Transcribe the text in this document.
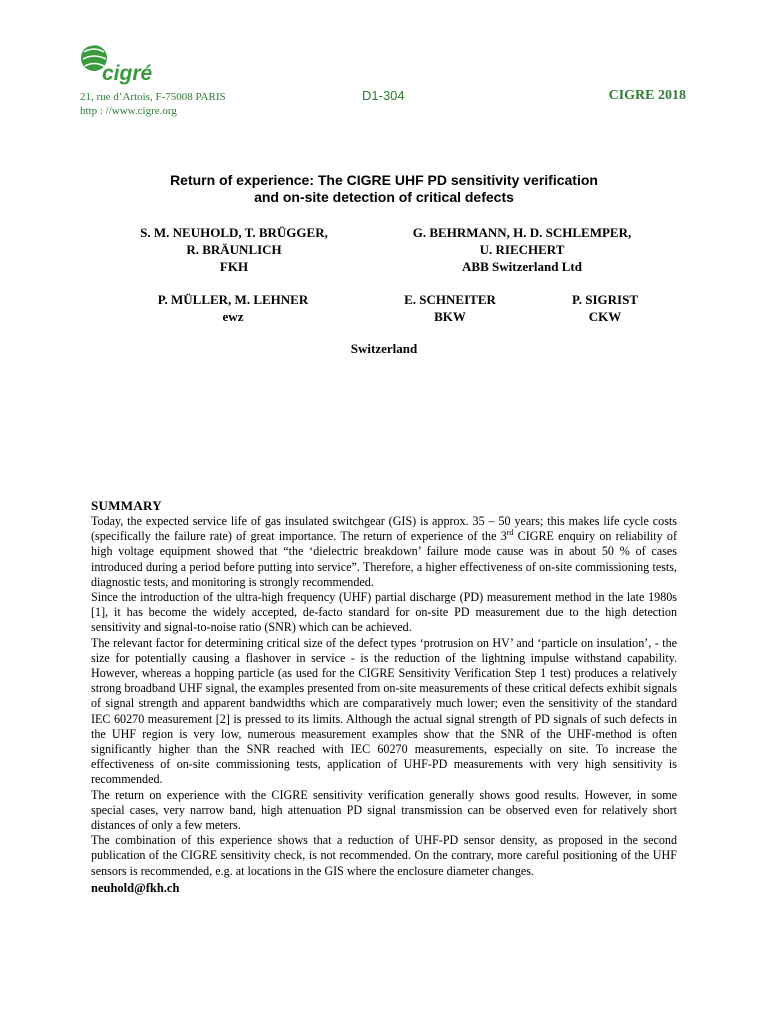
cigré
21, rue d’Artois, F-75008 PARIS
http : //www.cigre.org
D1-304	CIGRE 2018
Return of experience: The CIGRE UHF PD sensitivity verification
and on-site detection of critical defects
S. M. NEUHOLD, T. BRÜGGER,
R. BRÄUNLICH
FKH
G. BEHRMANN, H. D. SCHLEMPER,
U. RIECHERT
ABB Switzerland Ltd
P. MÜLLER, M. LEHNER
ewz
E. SCHNEITER
BKW
P. SIGRIST
CKW
Switzerland
SUMMARY

Today, the expected service life of gas insulated switchgear (GIS) is approx. 35 – 50 years; this makes life cycle costs (specifically the failure rate) of great importance. The return of experience of the 3rd CIGRE enquiry on reliability of high voltage equipment showed that “the ‘dielectric breakdown’ failure mode cause was in about 50 % of cases introduced during a period before putting into service”. Therefore, a higher effectiveness of on-site commissioning tests, diagnostic tests, and monitoring is strongly recommended.

Since the introduction of the ultra-high frequency (UHF) partial discharge (PD) measurement method in the late 1980s [1], it has become the widely accepted, de-facto standard for on-site PD measurement due to the high detection sensitivity and signal-to-noise ratio (SNR) which can be achieved.

The relevant factor for determining critical size of the defect types ‘protrusion on HV’ and ‘particle on insulation’, - the size for potentially causing a flashover in service - is the reduction of the lightning impulse withstand capability. However, whereas a hopping particle (as used for the CIGRE Sensitivity Verification Step 1 test) produces a relatively strong broadband UHF signal, the examples presented from on-site measurements of these critical defects exhibit signals of signal strength and apparent bandwidths which are comparatively much lower; even the sensitivity of the standard IEC 60270 measurement [2] is pressed to its limits. Although the actual signal strength of PD signals of such defects in the UHF region is very low, numerous measurement examples show that the SNR of the UHF-method is often significantly higher than the SNR reached with IEC 60270 measurements, especially on site. To increase the effectiveness of on-site commissioning tests, application of UHF-PD measurements with very high sensitivity is recommended.

The return on experience with the CIGRE sensitivity verification generally shows good results. However, in some special cases, very narrow band, high attenuation PD signal transmission can be observed even for relatively short distances of only a few meters.

The combination of this experience shows that a reduction of UHF-PD sensor density, as proposed in the second publication of the CIGRE sensitivity check, is not recommended. On the contrary, more careful positioning of the UHF sensors is recommended, e.g. at locations in the GIS where the enclosure diameter changes.

neuhold@fkh.ch
